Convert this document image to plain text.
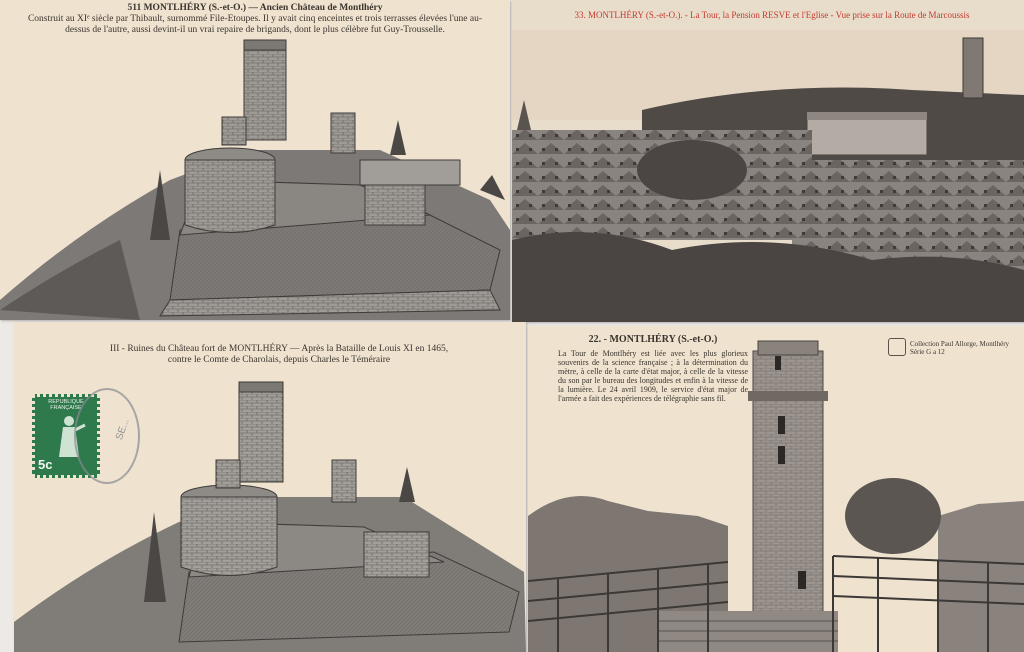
511 MONTLHÉRY (S.-et-O.) — Ancien Château de Montlhéry
Construit au XIᵉ siècle par Thibault, surnommé File-Etoupes. Il y avait cinq enceintes et trois terrasses élevées l'une au-dessus de l'autre, aussi devint-il un vrai repaire de brigands, dont le plus célèbre fut Guy-Trousselle.
33. MONTLHÉRY (S.-et-O.). - La Tour, la Pension RESVE et l'Eglise - Vue prise sur la Route de Marcoussis
III - Ruines du Château fort de MONTLHÉRY — Après la Bataille de Louis XI en 1465,
contre le Comte de Charolais, depuis Charles le Téméraire
REPUBLIQUE FRANÇAISE
5c
SE...
22. - MONTLHÉRY (S.-et-O.)
La Tour de Montlhéry est liée avec les plus glorieux souvenirs de la science française ; à la détermination du mètre, à celle de la carte d'état major, à celle de la vitesse du son par le bureau des longitudes et enfin à la vitesse de la lumière. Le 24 avril 1909, le service d'état major de l'armée a fait des expériences de télégraphie sans fil.
Collection Paul Allorge, Montlhéry
Série G a 12
